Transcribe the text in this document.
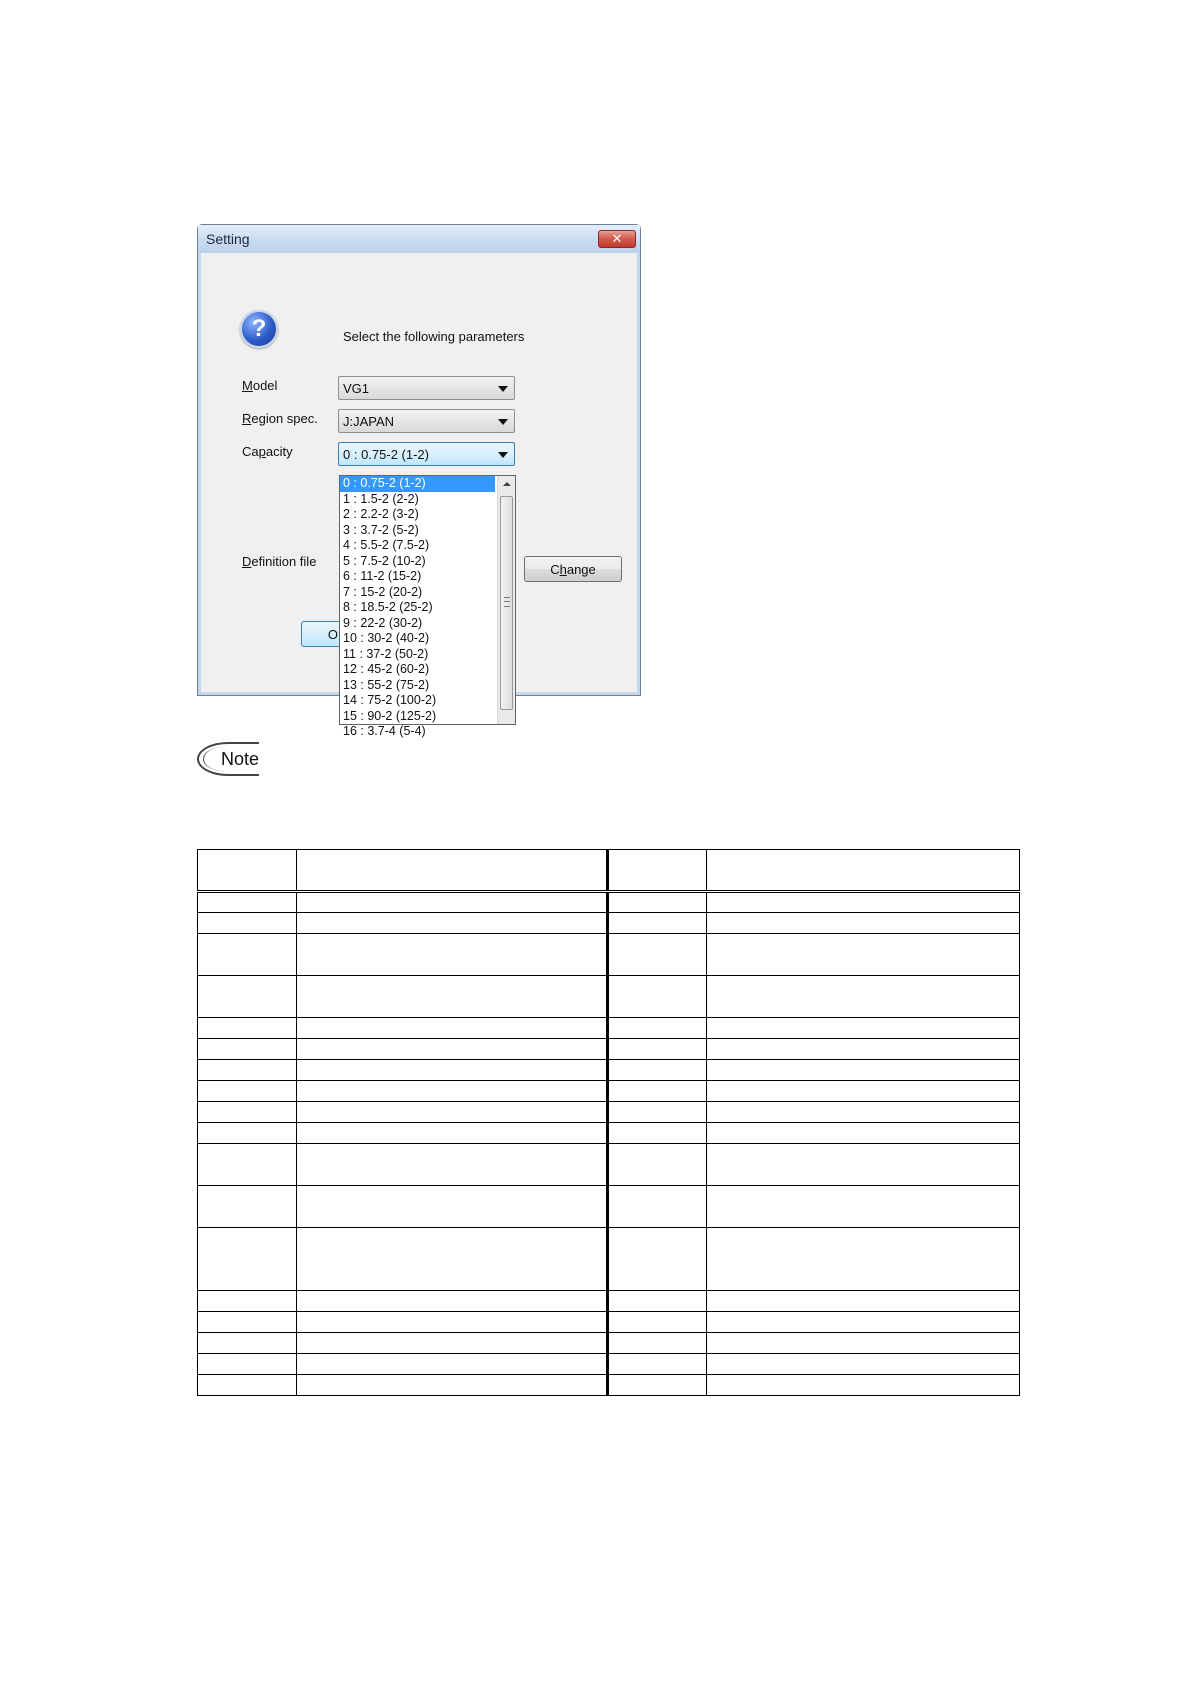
Setting	✕
?	Select the following parameters
Model	VG1
Region spec. J:JAPAN
Capacity	0 : 0.75-2 (1-2)
Definition file	C h ange
O
0 : 0.75-2 (1-2)
1 : 1.5-2 (2-2)
2 : 2.2-2 (3-2)
3 : 3.7-2 (5-2)
4 : 5.5-2 (7.5-2)
5 : 7.5-2 (10-2)
6 : 11-2 (15-2)
7 : 15-2 (20-2)
8 : 18.5-2 (25-2)
9 : 22-2 (30-2)
10 : 30-2 (40-2)
11 : 37-2 (50-2)
12 : 45-2 (60-2)
13 : 55-2 (75-2)
14 : 75-2 (100-2)
15 : 90-2 (125-2)
16 : 3.7-4 (5-4)
Note
